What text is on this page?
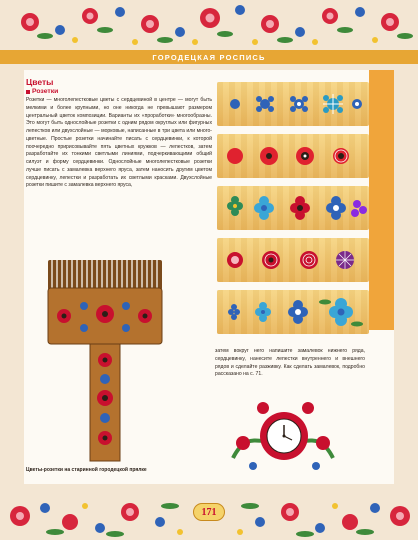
ГОРОДЕЦКАЯ РОСПИСЬ
Цветы
Розетки

Розетки — многолепестковые цветы с сердцевиной в центре — могут быть мелкими и более крупными, но оне никогда не превышают размером центральный цветок композиции. Варианты их «проработки» многообразны. Это могут быть однослойные розетки с одним рядом округлых или фигурных лепестков или двухслойные — морковые, написанные в три цвета или много-цветные. Простые розетки начинайте писать с сердцевинки, к которой поочередно пририсовывайте пять цветных кружков — лепестков, затем разработайте их тонкими светлыми линиями, подчеркивающими общий силуэт и форму сердцевинки. Однослойные многолепестковые розетки лучше писать с замалевка верхнего яруса, затем наносить другим цветом сердцевинку, лепестки и разработать их светлыми красками. Двухслойные розетки пишите с замалевка верхнего яруса,

затем вокруг него напишите замалевок нижнего ряда, сердцевинку, нанесите лепестки внутреннего и внешнего рядов и сделайте разживку. Как сделать замалевок, подробно рассказано на с. 71.

Цветы-розетки на старинной городецкой прялке
171
